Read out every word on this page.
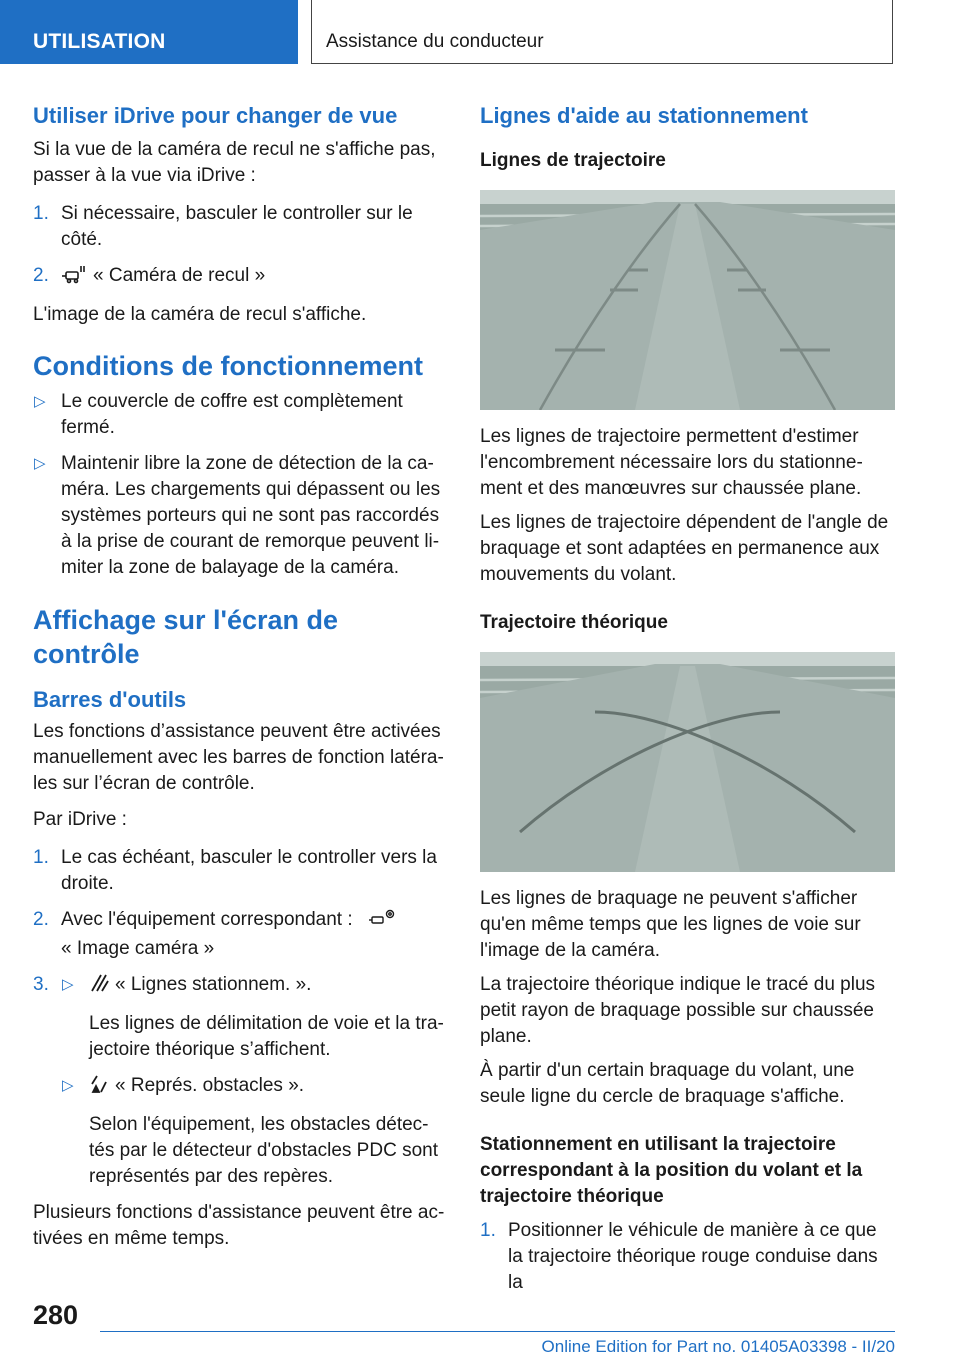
UTILISATION	Assistance du conducteur
Utiliser iDrive pour changer de vue

Si la vue de la caméra de recul ne s'affiche pas, passer à la vue via iDrive :

1. Si nécessaire, basculer le controller sur le côté.
2. « Caméra de recul »

L'image de la caméra de recul s'affiche.

Conditions de fonctionnement
▷ Le couvercle de coffre est complètement fermé.
▷ Maintenir libre la zone de détection de la ca-méra. Les chargements qui dépassent ou les systèmes porteurs qui ne sont pas raccordés à la prise de courant de remorque peuvent li-miter la zone de balayage de la caméra.
Affichage sur l'écran de contrôle
Barres d'outils

Les fonctions d’assistance peuvent être activées manuellement avec les barres de fonction latéra-les sur l’écran de contrôle.

Par iDrive :

1. Le cas échéant, basculer le controller vers la droite.
2. Avec l'équipement correspondant :
« Image caméra »
3. ▷ « Lignes stationnem. ».

Les lignes de délimitation de voie et la tra-jectoire théorique s’affichent.

▷ « Représ. obstacles ».

Selon l'équipement, les obstacles détec-tés par le détecteur d'obstacles PDC sont représentés par des repères.

Plusieurs fonctions d'assistance peuvent être ac-tivées en même temps.

Lignes d'aide au stationnement
Lignes de trajectoire

Les lignes de trajectoire permettent d'estimer l'encombrement nécessaire lors du stationne-ment et des manœuvres sur chaussée plane.

Les lignes de trajectoire dépendent de l'angle de braquage et sont adaptées en permanence aux mouvements du volant.

Trajectoire théorique

Les lignes de braquage ne peuvent s'afficher qu'en même temps que les lignes de voie sur l'image de la caméra.

La trajectoire théorique indique le tracé du plus petit rayon de braquage possible sur chaussée plane.

À partir d'un certain braquage du volant, une seule ligne du cercle de braquage s'affiche.

Stationnement en utilisant la trajectoire correspondant à la position du volant et la trajectoire théorique
1. Positionner le véhicule de manière à ce que la trajectoire théorique rouge conduise dans la
280
Online Edition for Part no. 01405A03398 - II/20
